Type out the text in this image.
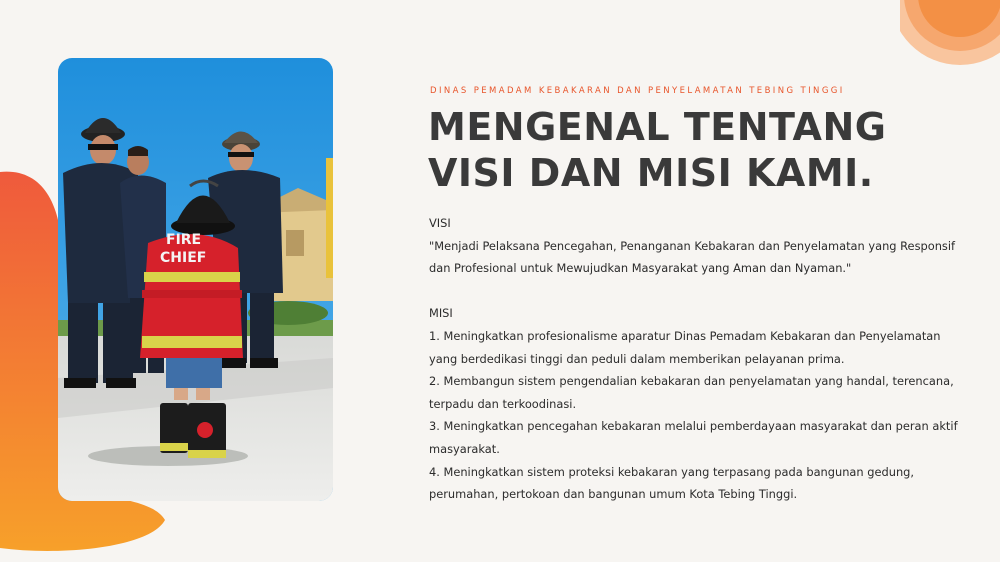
FIRE
CHIEF
DINAS PEMADAM KEBAKARAN DAN PENYELAMATAN TEBING TINGGI
MENGENAL TENTANG
VISI DAN MISI KAMI.

VISI

"Menjadi Pelaksana Pencegahan, Penanganan Kebakaran dan Penyelamatan yang Responsif

dan Profesional untuk Mewujudkan Masyarakat yang Aman dan Nyaman."

MISI

1. Meningkatkan profesionalisme aparatur Dinas Pemadam Kebakaran dan Penyelamatan

yang berdedikasi tinggi dan peduli dalam memberikan pelayanan prima.

2. Membangun sistem pengendalian kebakaran dan penyelamatan yang handal, terencana,

terpadu dan terkoodinasi.

3. Meningkatkan pencegahan kebakaran melalui pemberdayaan masyarakat dan peran aktif

masyarakat.

4. Meningkatkan sistem proteksi kebakaran yang terpasang pada bangunan gedung,

perumahan, pertokoan dan bangunan umum Kota Tebing Tinggi.
